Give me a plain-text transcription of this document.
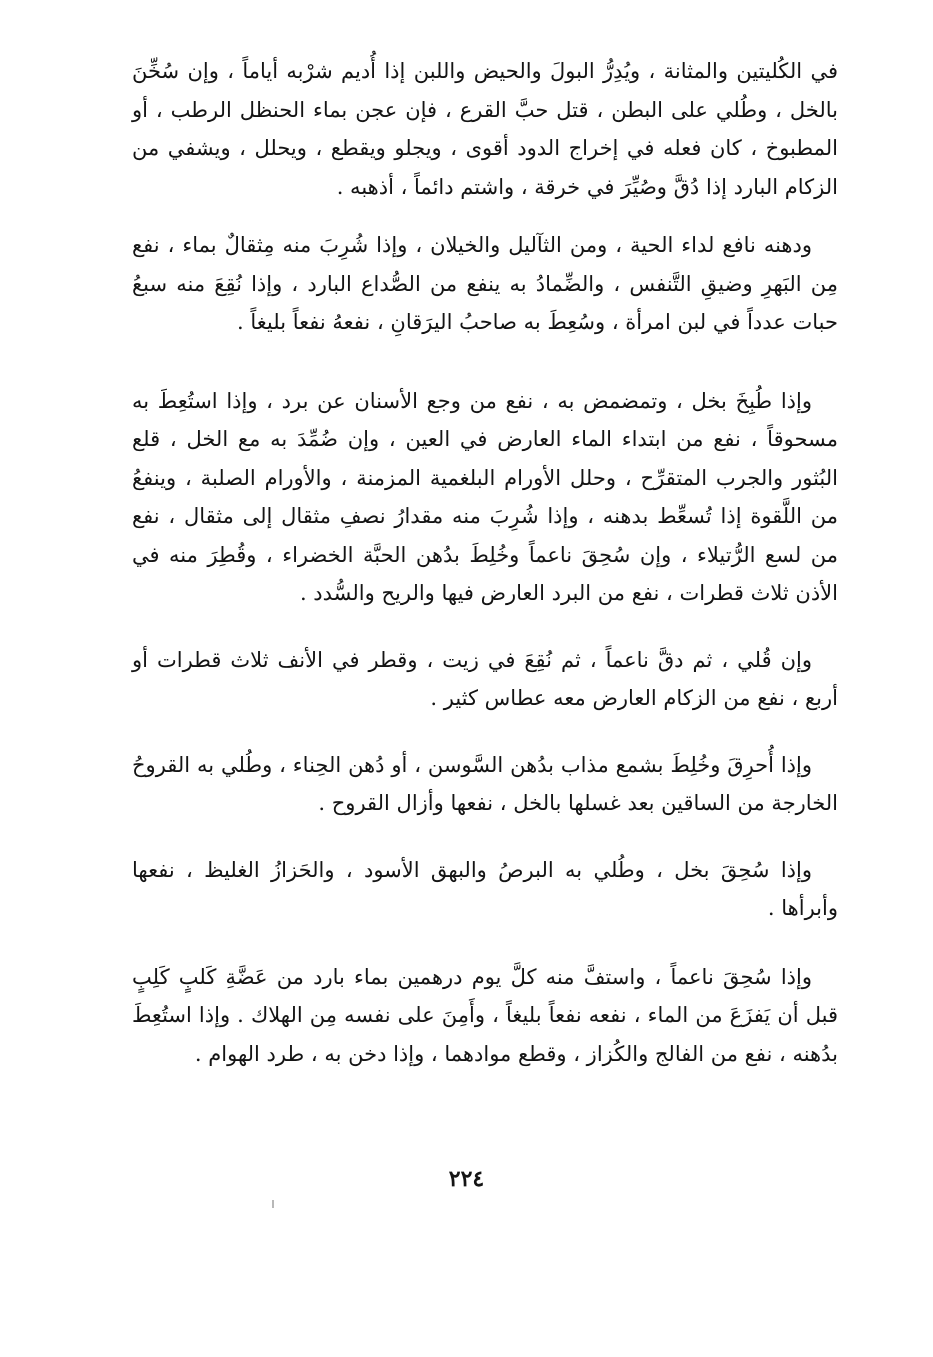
في الكُليتين والمثانة ، ويُدِرُّ البولَ والحيض واللبن إذا أُديم شرْبه أياماً ، وإن سُخِّنَ بالخل ، وطُلي على البطن ، قتل حبَّ القرع ، فإن عجن بماء الحنظل الرطب ، أو المطبوخ ، كان فعله في إخراج الدود أقوى ، ويجلو ويقطع ، ويحلل ، ويشفي من الزكام البارد إذا دُقَّ وصُيِّرَ في خرقة ، واشتم دائماً ، أذهبه .

ودهنه نافع لداء الحية ، ومن الثآليل والخيلان ، وإذا شُرِبَ منه مِثقالٌ بماء ، نفع مِن البَهرِ وضيقِ التَّنفس ، والضِّمادُ به ينفع من الصُّداع البارد ، وإذا نُقِعَ منه سبعُ حبات عدداً في لبن امرأة ، وسُعِطَ به صاحبُ اليرَقانِ ، نفعهُ نفعاً بليغاً .

وإذا طُبِخَ بخل ، وتمضمض به ، نفع من وجع الأسنان عن برد ، وإذا استُعِطَ به مسحوقاً ، نفع من ابتداء الماء العارض في العين ، وإن ضُمِّدَ به مع الخل ، قلع البُثور والجرب المتقرِّح ، وحلل الأورام البلغمية المزمنة ، والأورام الصلبة ، وينفعُ من اللَّقوة إذا تُسعِّط بدهنه ، وإذا شُرِبَ منه مقدارُ نصفِ مثقال إلى مثقال ، نفع من لسع الرُّتيلاء ، وإن سُحِقَ ناعماً وخُلِطَ بدُهن الحبَّة الخضراء ، وقُطِرَ منه في الأذن ثلاث قطرات ، نفع من البرد العارض فيها والريح والسُّدد .

وإن قُلي ، ثم دقَّ ناعماً ، ثم نُقِعَ في زيت ، وقطر في الأنف ثلاث قطرات أو أربع ، نفع من الزكام العارض معه عطاس كثير .

وإذا أُحرِقَ وخُلِطَ بشمع مذاب بدُهن السَّوسن ، أو دُهن الحِناء ، وطُلي به القروحُ الخارجة من الساقين بعد غسلها بالخل ، نفعها وأزال القروح .

وإذا سُحِقَ بخل ، وطُلي به البرصُ والبهق الأسود ، والحَزازُ الغليظ ، نفعها وأبرأها .

وإذا سُحِقَ ناعماً ، واستفَّ منه كلَّ يوم درهمين بماء بارد من عَضَّةِ كَلبٍ كَلِبٍ قبل أن يَفزَعَ من الماء ، نفعه نفعاً بليغاً ، وأَمِنَ على نفسه مِن الهلاك . وإذا استُعِطَ بدُهنه ، نفع من الفالج والكُزاز ، وقطع موادهما ، وإذا دخن به ، طرد الهوام .

٢٢٤
